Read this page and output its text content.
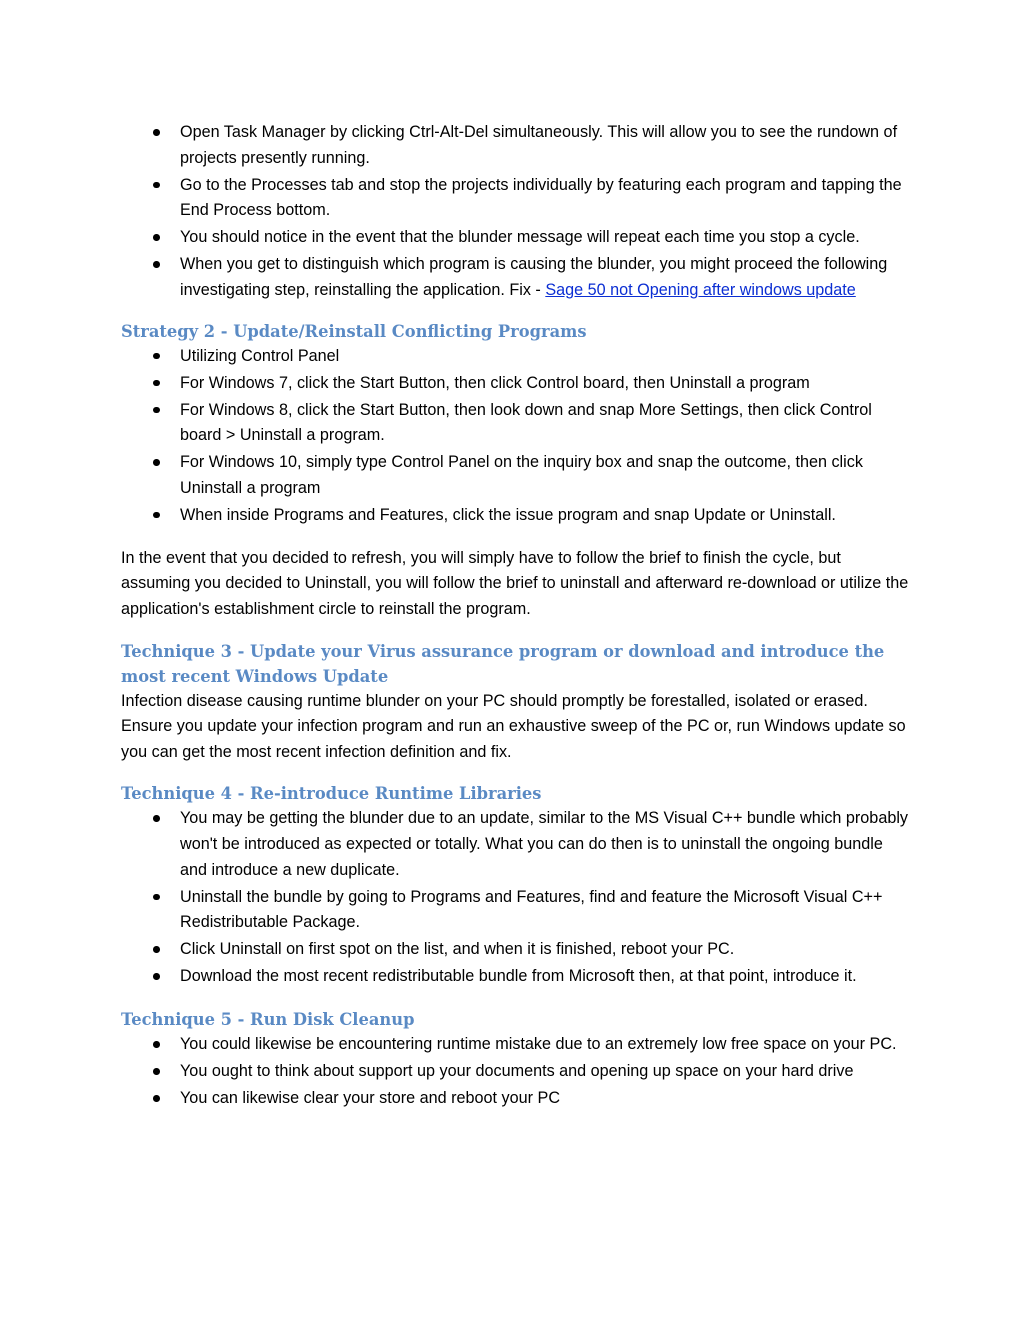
Open Task Manager by clicking Ctrl-Alt-Del simultaneously. This will allow you to see the rundown of projects presently running.
Go to the Processes tab and stop the projects individually by featuring each program and tapping the End Process bottom.
You should notice in the event that the blunder message will repeat each time you stop a cycle.
When you get to distinguish which program is causing the blunder, you might proceed the following investigating step, reinstalling the application. Fix - Sage 50 not Opening after windows update
Strategy 2 - Update/Reinstall Conflicting Programs
Utilizing Control Panel
For Windows 7, click the Start Button, then click Control board, then Uninstall a program
For Windows 8, click the Start Button, then look down and snap More Settings, then click Control board > Uninstall a program.
For Windows 10, simply type Control Panel on the inquiry box and snap the outcome, then click Uninstall a program
When inside Programs and Features, click the issue program and snap Update or Uninstall.

In the event that you decided to refresh, you will simply have to follow the brief to finish the cycle, but assuming you decided to Uninstall, you will follow the brief to uninstall and afterward re-download or utilize the application's establishment circle to reinstall the program.

Technique 3 - Update your Virus assurance program or download and introduce the most recent Windows Update

Infection disease causing runtime blunder on your PC should promptly be forestalled, isolated or erased. Ensure you update your infection program and run an exhaustive sweep of the PC or, run Windows update so you can get the most recent infection definition and fix.

Technique 4 - Re-introduce Runtime Libraries
You may be getting the blunder due to an update, similar to the MS Visual C++ bundle which probably won't be introduced as expected or totally. What you can do then is to uninstall the ongoing bundle and introduce a new duplicate.
Uninstall the bundle by going to Programs and Features, find and feature the Microsoft Visual C++ Redistributable Package.
Click Uninstall on first spot on the list, and when it is finished, reboot your PC.
Download the most recent redistributable bundle from Microsoft then, at that point, introduce it.
Technique 5 - Run Disk Cleanup
You could likewise be encountering runtime mistake due to an extremely low free space on your PC.
You ought to think about support up your documents and opening up space on your hard drive
You can likewise clear your store and reboot your PC
